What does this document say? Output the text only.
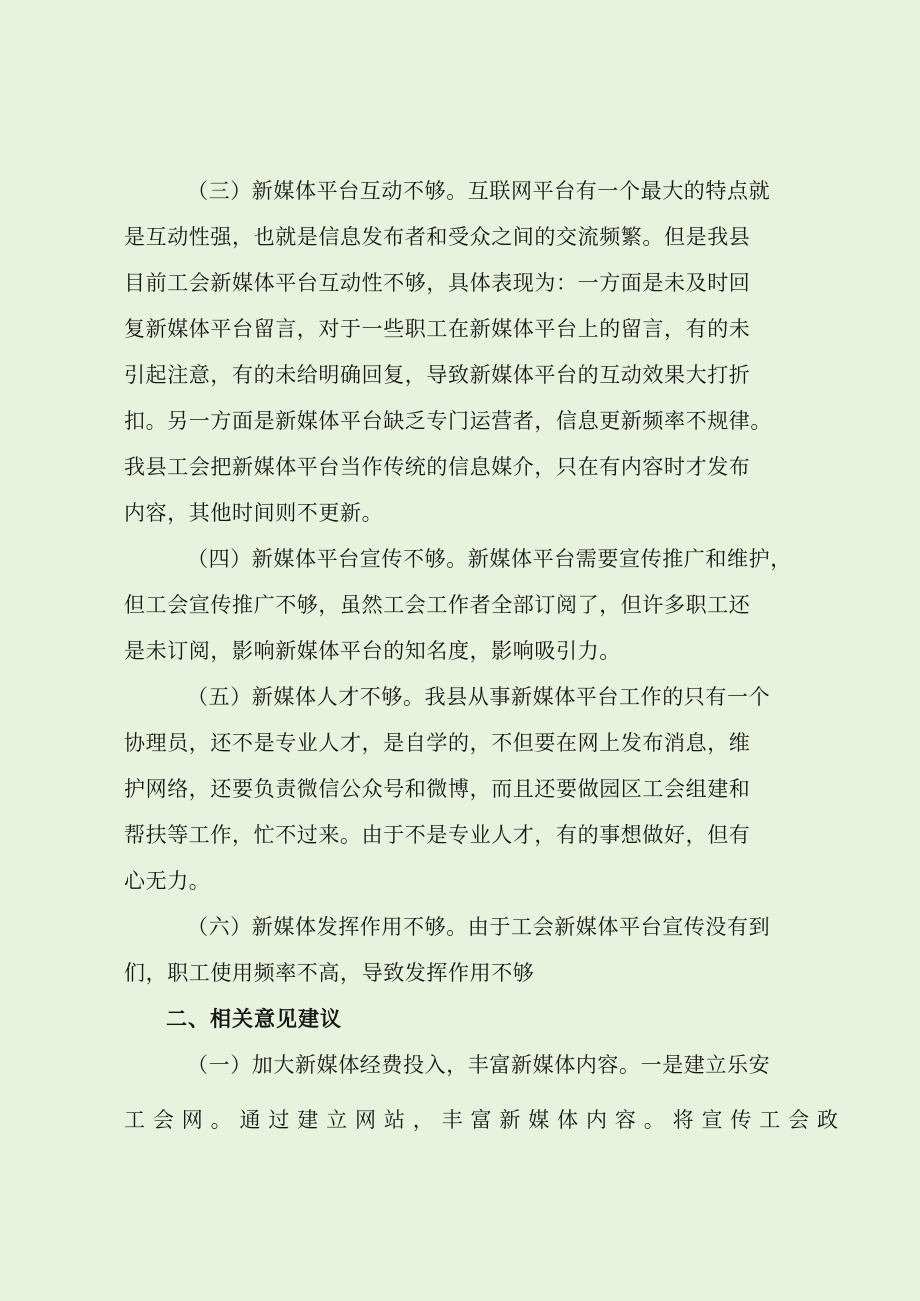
（三）新媒体平台互动不够。互联网平台有一个最大的特点就
是互动性强，也就是信息发布者和受众之间的交流频繁。但是我县
目前工会新媒体平台互动性不够，具体表现为：一方面是未及时回
复新媒体平台留言，对于一些职工在新媒体平台上的留言，有的未
引起注意，有的未给明确回复，导致新媒体平台的互动效果大打折
扣。另一方面是新媒体平台缺乏专门运营者，信息更新频率不规律。
我县工会把新媒体平台当作传统的信息媒介，只在有内容时才发布
内容，其他时间则不更新。
（四）新媒体平台宣传不够。新媒体平台需要宣传推广和维护，
但工会宣传推广不够，虽然工会工作者全部订阅了，但许多职工还
是未订阅，影响新媒体平台的知名度，影响吸引力。
（五）新媒体人才不够。我县从事新媒体平台工作的只有一个
协理员，还不是专业人才，是自学的，不但要在网上发布消息，维
护网络，还要负责微信公众号和微博，而且还要做园区工会组建和
帮扶等工作，忙不过来。由于不是专业人才，有的事想做好，但有
心无力。
（六）新媒体发挥作用不够。由于工会新媒体平台宣传没有到
们，职工使用频率不高，导致发挥作用不够
二、相关意见建议
（一）加大新媒体经费投入，丰富新媒体内容。一是建立乐安
工 会 网 。 通 过 建 立 网 站 ， 丰 富 新 媒 体 内 容 。 将 宣 传 工 会 政
